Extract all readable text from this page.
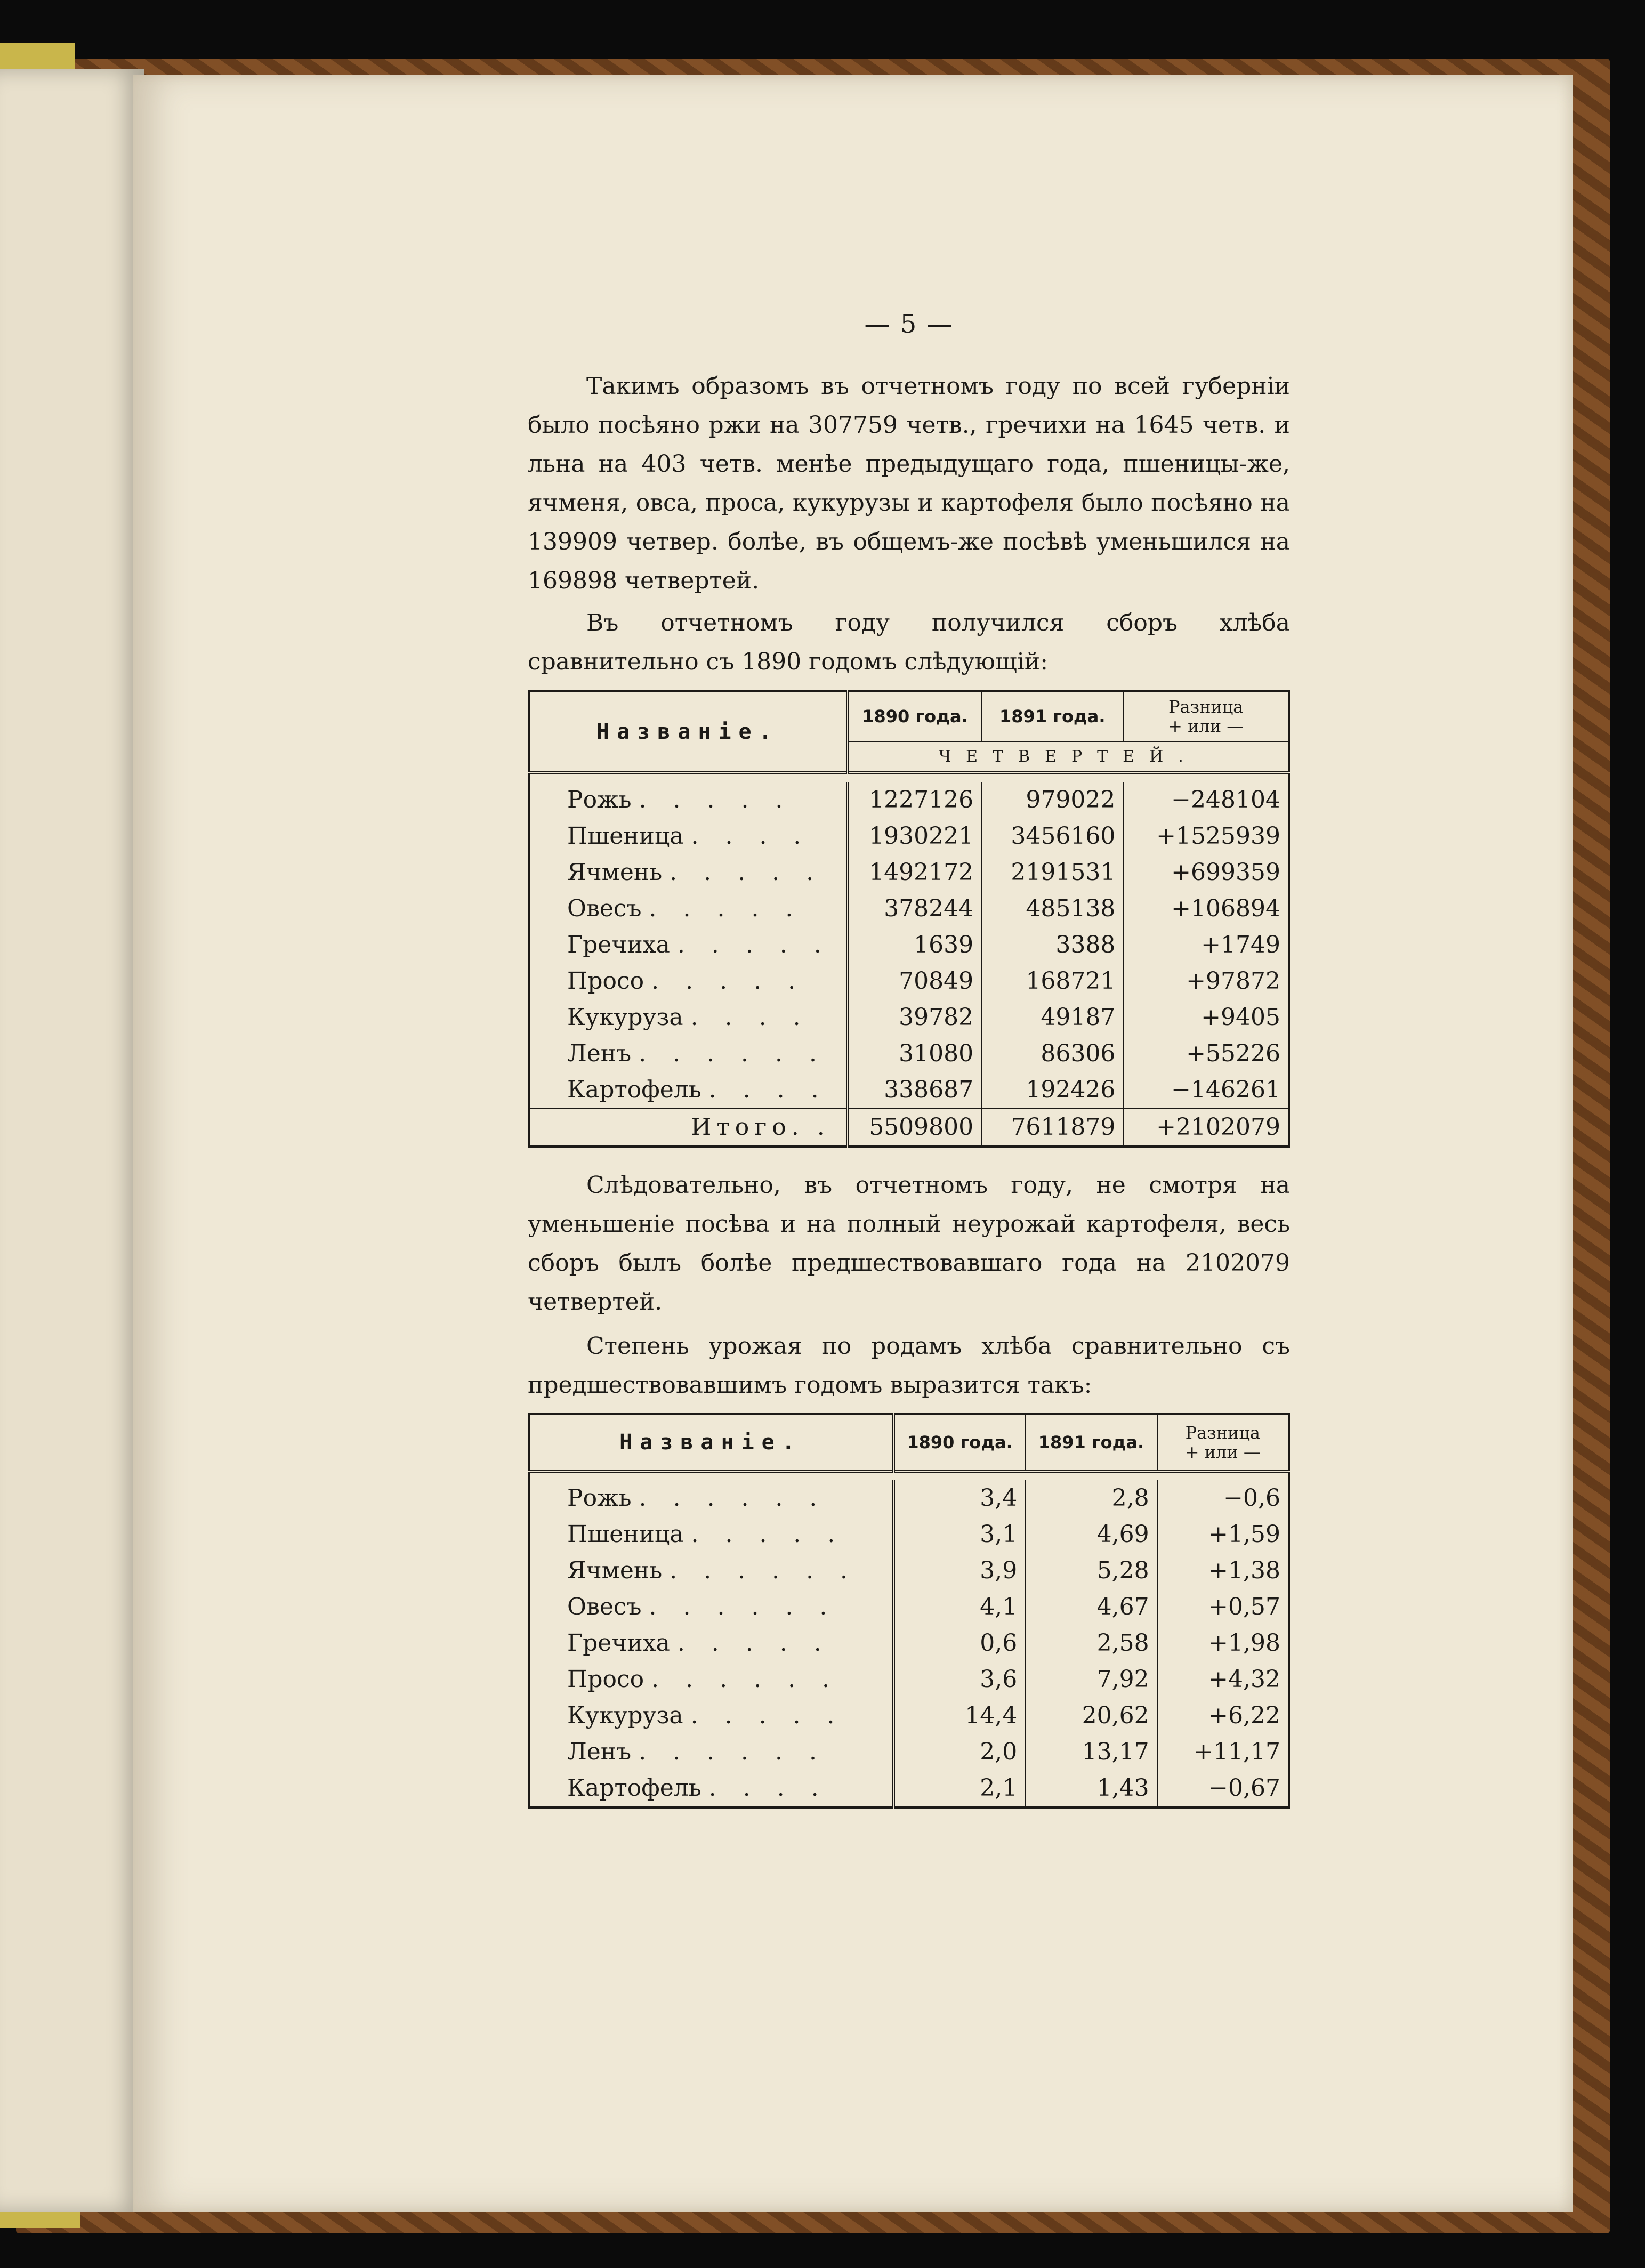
— 5 —

Такимъ образомъ въ отчетномъ году по всей губерніи было посѣяно ржи на 307759 четв., гречихи на 1645 четв. и льна на 403 четв. менѣе предыдущаго года, пшеницы-же, ячменя, овса, проса, кукурузы и картофеля было посѣяно на 139909 четвер. болѣе, въ общемъ-же посѣвѣ уменьшился на 169898 четвертей.

Въ отчетномъ году получился сборъ хлѣба сравнительно съ 1890 годомъ слѣдующій:

Названіе.	1890 года.	1891 года.	Разница
+ или —

	ЧЕТВЕРТЕЙ.		

Рожь . . . . .	1227126	979022	−248104
Пшеница . . . .	1930221	3456160	+1525939
Ячмень . . . . .	1492172	2191531	+699359
Овесъ . . . . .	378244	485138	+106894
Гречиха . . . . .	1639	3388	+1749
Просо . . . . .	70849	168721	+97872
Кукуруза . . . .	39782	49187	+9405
Ленъ . . . . . .	31080	86306	+55226
Картофель . . . .	338687	192426	−146261
Итого. .	5509800	7611879	+2102079

Слѣдовательно, въ отчетномъ году, не смотря на уменьшеніе посѣва и на полный неурожай картофеля, весь сборъ былъ болѣе предшествовавшаго года на 2102079 четвертей.

Степень урожая по родамъ хлѣба сравнительно съ предшествовавшимъ годомъ выразится такъ:

Названіе.	1890 года.	1891 года.	Разница
+ или —

Рожь . . . . . .	3,4	2,8	−0,6
Пшеница . . . . .	3,1	4,69	+1,59
Ячмень . . . . . .	3,9	5,28	+1,38
Овесъ . . . . . .	4,1	4,67	+0,57
Гречиха . . . . .	0,6	2,58	+1,98
Просо . . . . . .	3,6	7,92	+4,32
Кукуруза . . . . .	14,4	20,62	+6,22
Ленъ . . . . . .	2,0	13,17	+11,17
Картофель . . . .	2,1	1,43	−0,67
